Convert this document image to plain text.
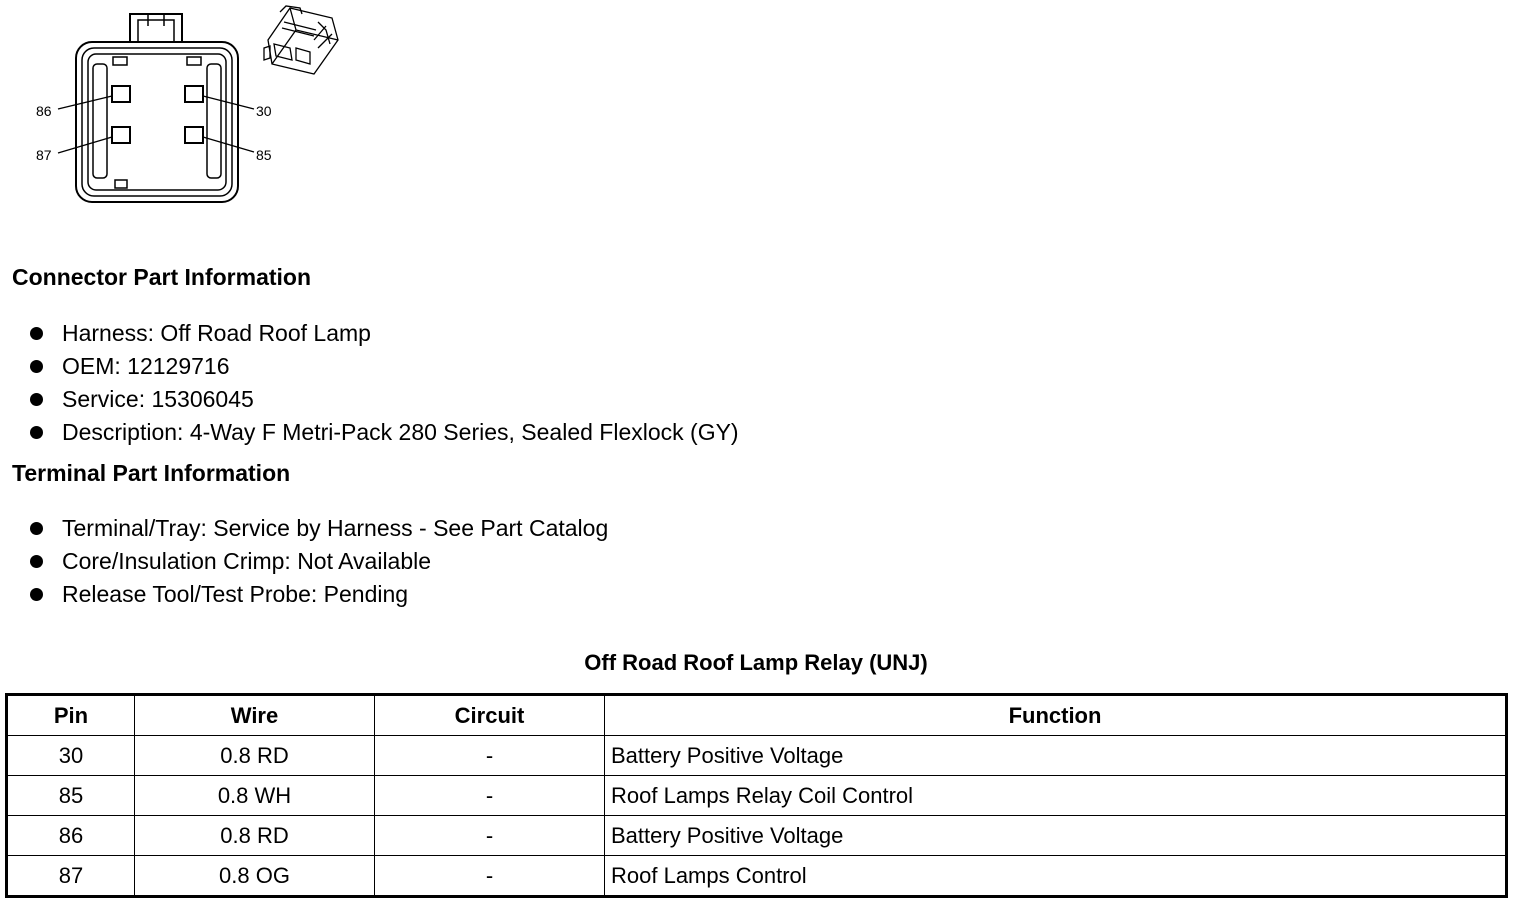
86
87
30
85
Connector Part Information
Harness: Off Road Roof Lamp
OEM: 12129716
Service: 15306045
Description: 4-Way F Metri-Pack 280 Series, Sealed Flexlock (GY)
Terminal Part Information
Terminal/Tray: Service by Harness - See Part Catalog
Core/Insulation Crimp: Not Available
Release Tool/Test Probe: Pending
Off Road Roof Lamp Relay (UNJ)
Pin	Wire	Circuit	Function
30	0.8 RD	-	Battery Positive Voltage
85	0.8 WH	-	Roof Lamps Relay Coil Control
86	0.8 RD	-	Battery Positive Voltage
87	0.8 OG	-	Roof Lamps Control
